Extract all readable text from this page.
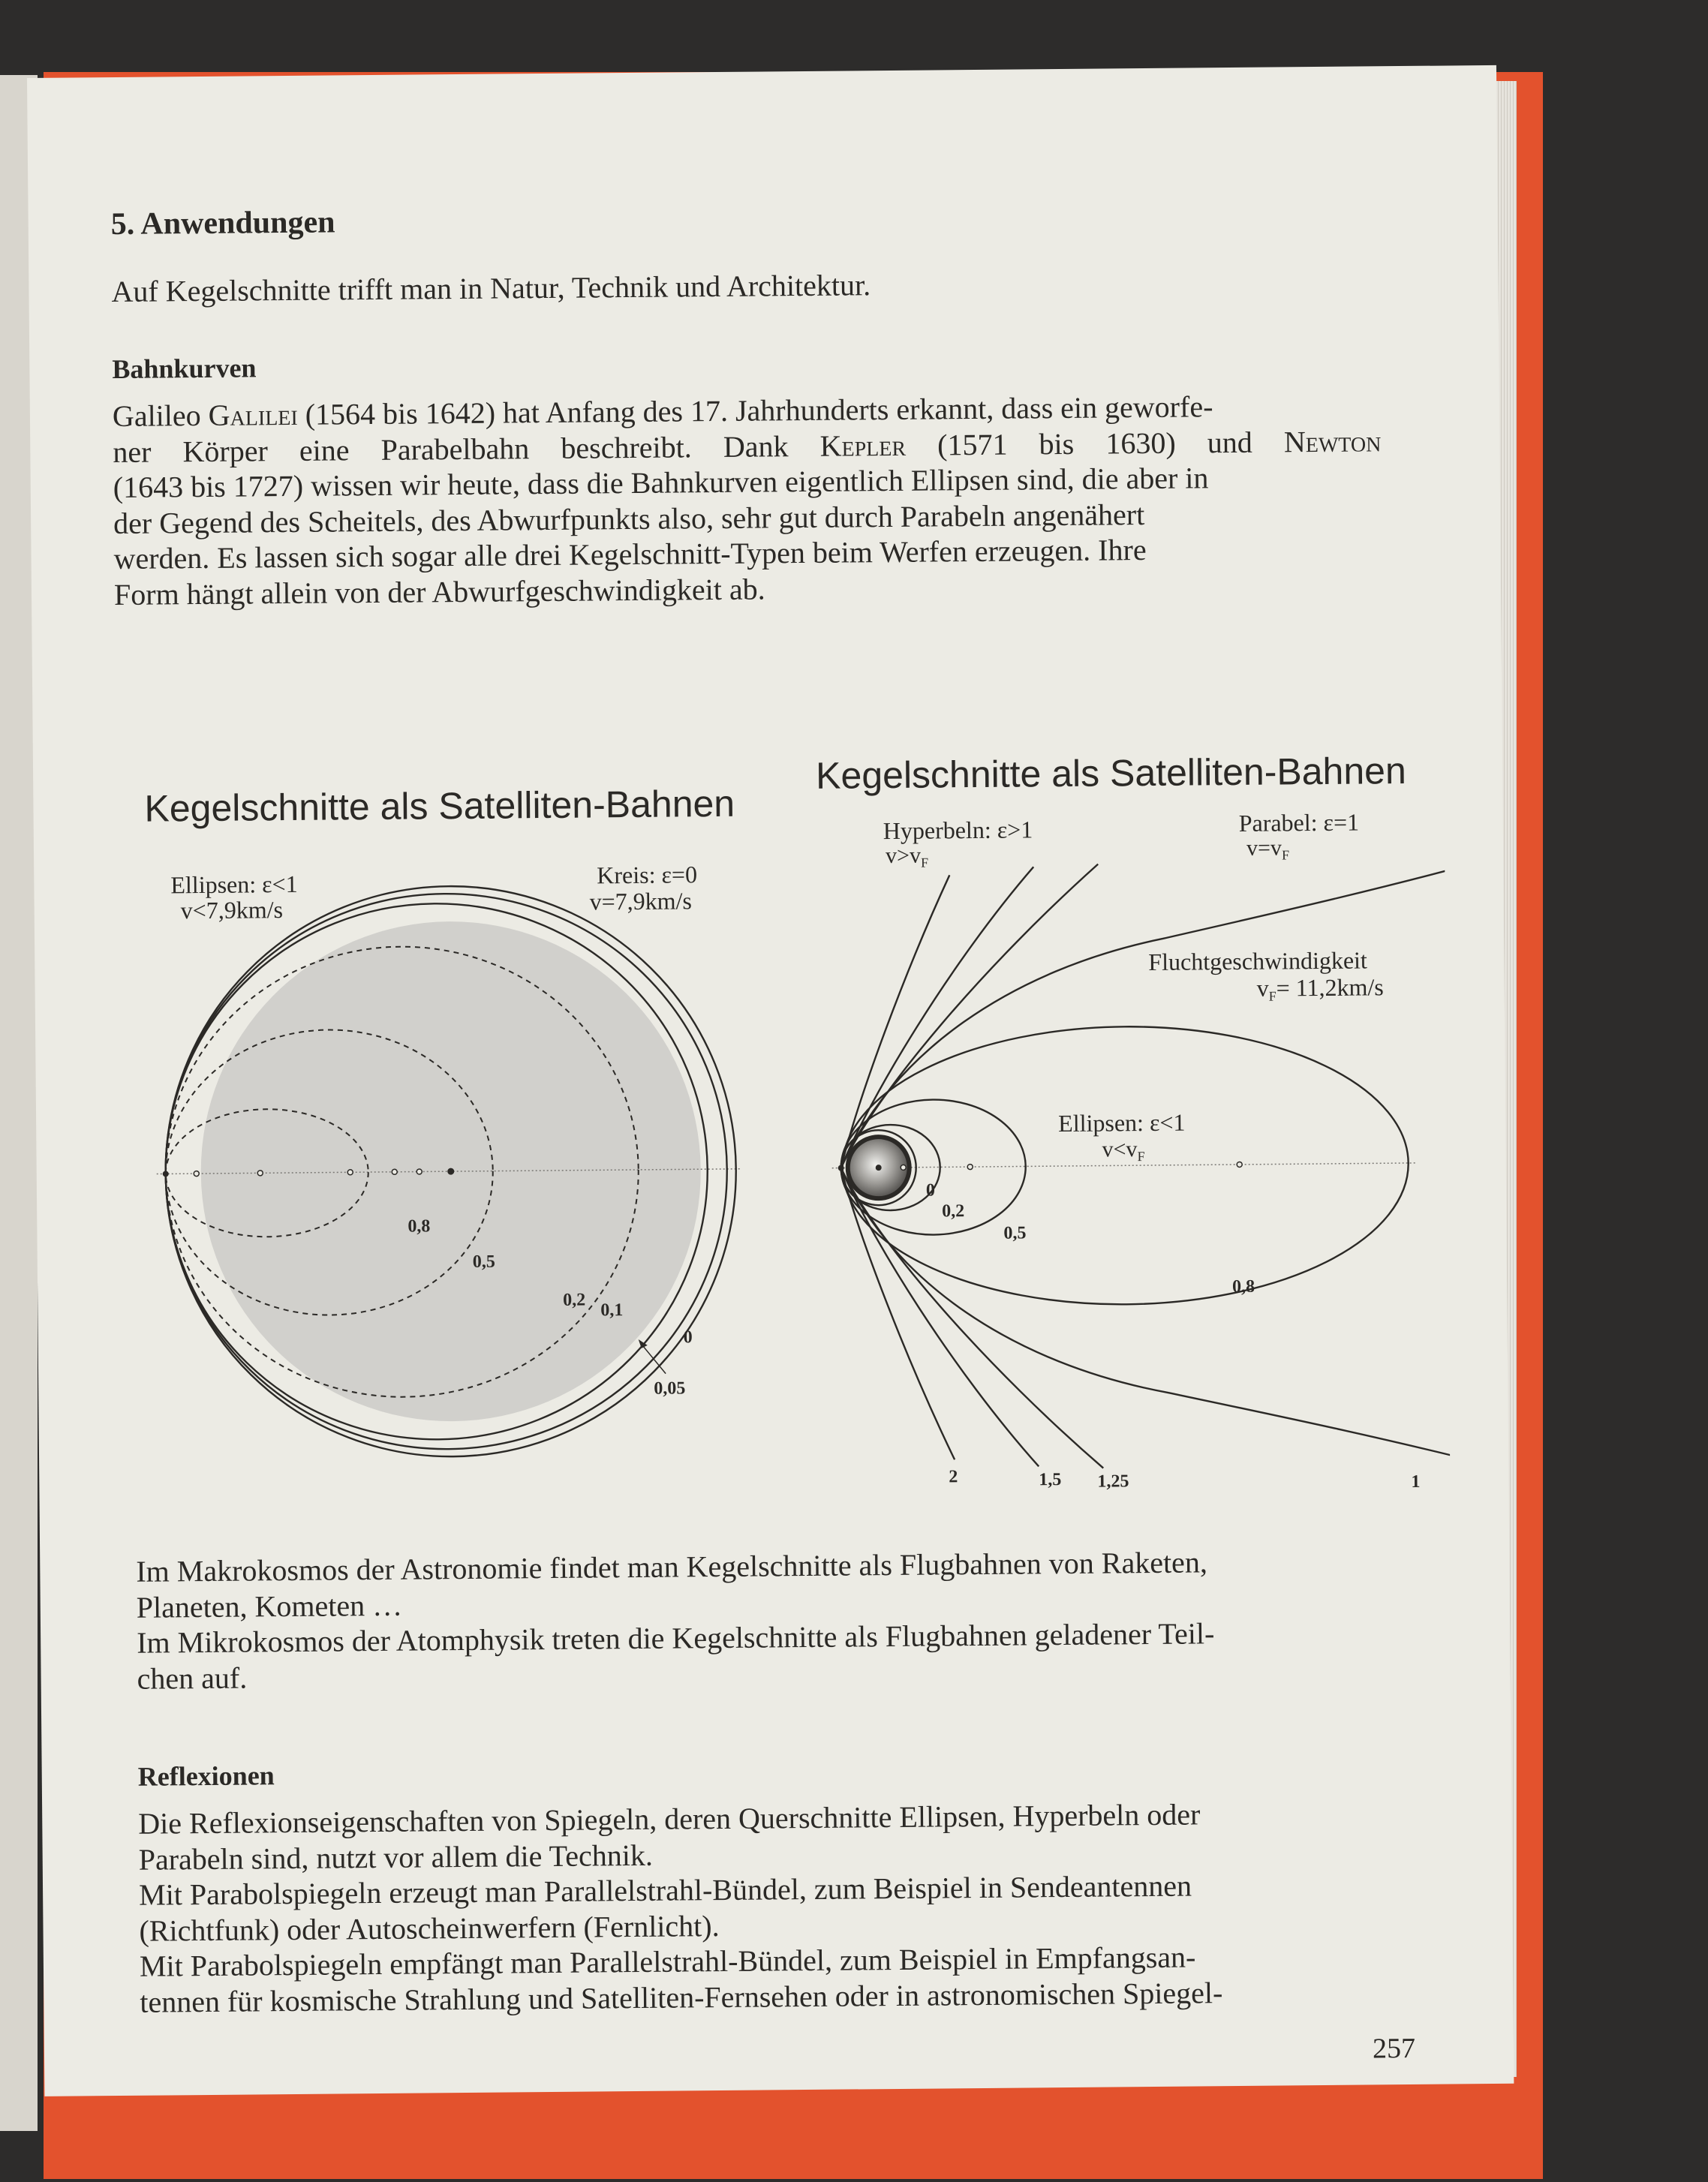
5. Anwendungen

Auf Kegelschnitte trifft man in Natur, Technik und Architektur.

Bahnkurven
Galileo Galilei (1564 bis 1642) hat Anfang des 17. Jahrhunderts erkannt, dass ein geworfe-
ner Körper eine Parabelbahn beschreibt. Dank Kepler (1571 bis 1630) und Newton
(1643 bis 1727) wissen wir heute, dass die Bahnkurven eigentlich Ellipsen sind, die aber in
der Gegend des Scheitels, des Abwurfpunkts also, sehr gut durch Parabeln angenähert
werden. Es lassen sich sogar alle drei Kegelschnitt-Typen beim Werfen erzeugen. Ihre
Form hängt allein von der Abwurfgeschwindigkeit ab.
Kegelschnitte als Satelliten-Bahnen
Ellipsen: ε<1
v<7,9km/s
Kreis: ε=0
v=7,9km/s
0,8
0,5
0,2
0,1
0
0,05
Kegelschnitte als Satelliten-Bahnen
Hyperbeln: ε>1
$v>v_F$
Parabel: ε=1
$v=v_F$
Fluchtgeschwindigkeit
vF= 11,2km/s
Ellipsen: ε<1
$v<v_F$
0
0,2
0,5
0,8
2	1,5 1,25	1
Im Makrokosmos der Astronomie findet man Kegelschnitte als Flugbahnen von Raketen,
Planeten, Kometen …
Im Mikrokosmos der Atomphysik treten die Kegelschnitte als Flugbahnen geladener Teil-
chen auf.
Reflexionen
Die Reflexionseigenschaften von Spiegeln, deren Querschnitte Ellipsen, Hyperbeln oder
Parabeln sind, nutzt vor allem die Technik.
Mit Parabolspiegeln erzeugt man Parallelstrahl-Bündel, zum Beispiel in Sendeantennen
(Richtfunk) oder Autoscheinwerfern (Fernlicht).
Mit Parabolspiegeln empfängt man Parallelstrahl-Bündel, zum Beispiel in Empfangsan-
tennen für kosmische Strahlung und Satelliten-Fernsehen oder in astronomischen Spiegel-
257
